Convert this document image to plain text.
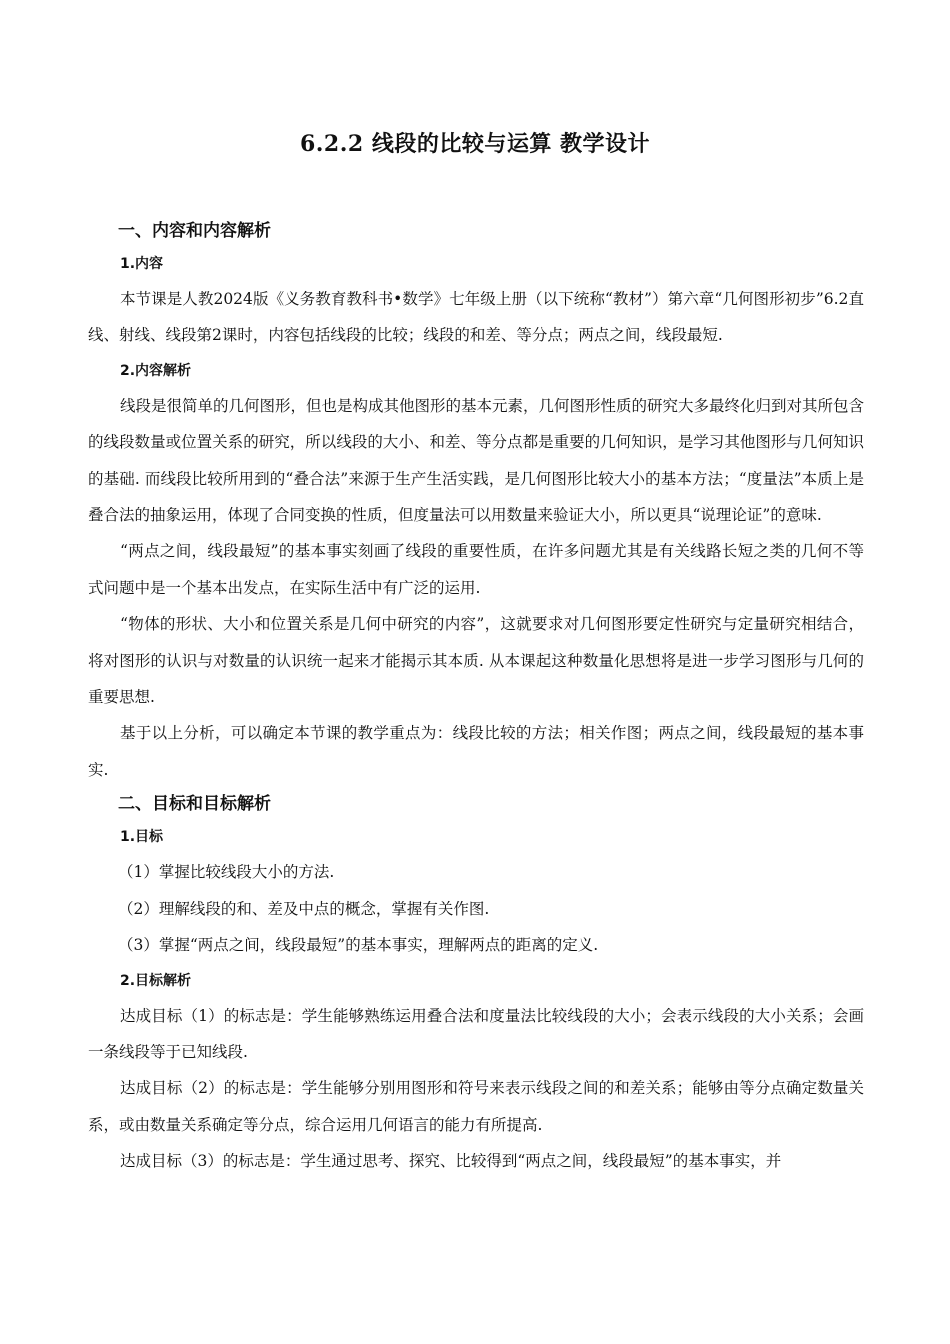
6.2.2 线段的比较与运算 教学设计
一、内容和内容解析
1.内容

本节课是人教2024版《义务教育教科书•数学》七年级上册（以下统称“教材”）第六章“几何图形初步”6.2直线、射线、线段第2课时，内容包括线段的比较；线段的和差、等分点；两点之间，线段最短.

2.内容解析

线段是很简单的几何图形，但也是构成其他图形的基本元素，几何图形性质的研究大多最终化归到对其所包含的线段数量或位置关系的研究，所以线段的大小、和差、等分点都是重要的几何知识，是学习其他图形与几何知识的基础. 而线段比较所用到的“叠合法”来源于生产生活实践，是几何图形比较大小的基本方法；“度量法”本质上是叠合法的抽象运用，体现了合同变换的性质，但度量法可以用数量来验证大小，所以更具“说理论证”的意味.

“两点之间，线段最短”的基本事实刻画了线段的重要性质，在许多问题尤其是有关线路长短之类的几何不等式问题中是一个基本出发点，在实际生活中有广泛的运用.

“物体的形状、大小和位置关系是几何中研究的内容”，这就要求对几何图形要定性研究与定量研究相结合，将对图形的认识与对数量的认识统一起来才能揭示其本质. 从本课起这种数量化思想将是进一步学习图形与几何的重要思想.

基于以上分析，可以确定本节课的教学重点为：线段比较的方法；相关作图；两点之间，线段最短的基本事实.

二、目标和目标解析
1.目标

（1）掌握比较线段大小的方法.

（2）理解线段的和、差及中点的概念，掌握有关作图.

（3）掌握“两点之间，线段最短”的基本事实，理解两点的距离的定义.

2.目标解析

达成目标（1）的标志是：学生能够熟练运用叠合法和度量法比较线段的大小；会表示线段的大小关系；会画一条线段等于已知线段.

达成目标（2）的标志是：学生能够分别用图形和符号来表示线段之间的和差关系；能够由等分点确定数量关系，或由数量关系确定等分点，综合运用几何语言的能力有所提高.

达成目标（3）的标志是：学生通过思考、探究、比较得到“两点之间，线段最短”的基本事实，并
